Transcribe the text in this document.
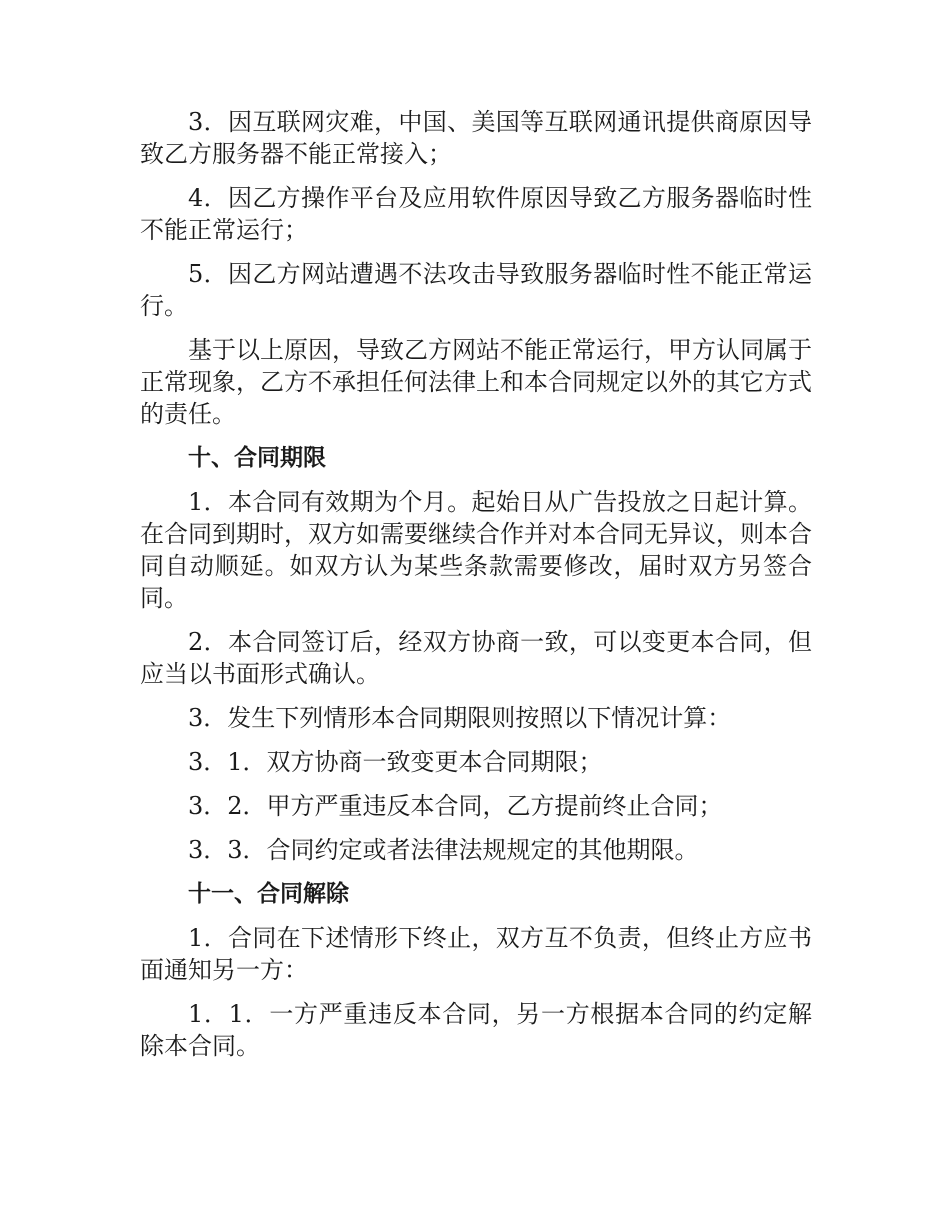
3．因互联网灾难，中国、美国等互联网通讯提供商原因导致乙方服务器不能正常接入；

4．因乙方操作平台及应用软件原因导致乙方服务器临时性不能正常运行；

5．因乙方网站遭遇不法攻击导致服务器临时性不能正常运行。

基于以上原因，导致乙方网站不能正常运行，甲方认同属于正常现象，乙方不承担任何法律上和本合同规定以外的其它方式的责任。

十、合同期限

1．本合同有效期为个月。起始日从广告投放之日起计算。在合同到期时，双方如需要继续合作并对本合同无异议，则本合同自动顺延。如双方认为某些条款需要修改，届时双方另签合同。

2．本合同签订后，经双方协商一致，可以变更本合同，但应当以书面形式确认。

3．发生下列情形本合同期限则按照以下情况计算：

3．1．双方协商一致变更本合同期限；

3．2．甲方严重违反本合同，乙方提前终止合同；

3．3．合同约定或者法律法规规定的其他期限。

十一、合同解除

1．合同在下述情形下终止，双方互不负责，但终止方应书面通知另一方：

1．1．一方严重违反本合同，另一方根据本合同的约定解除本合同。
